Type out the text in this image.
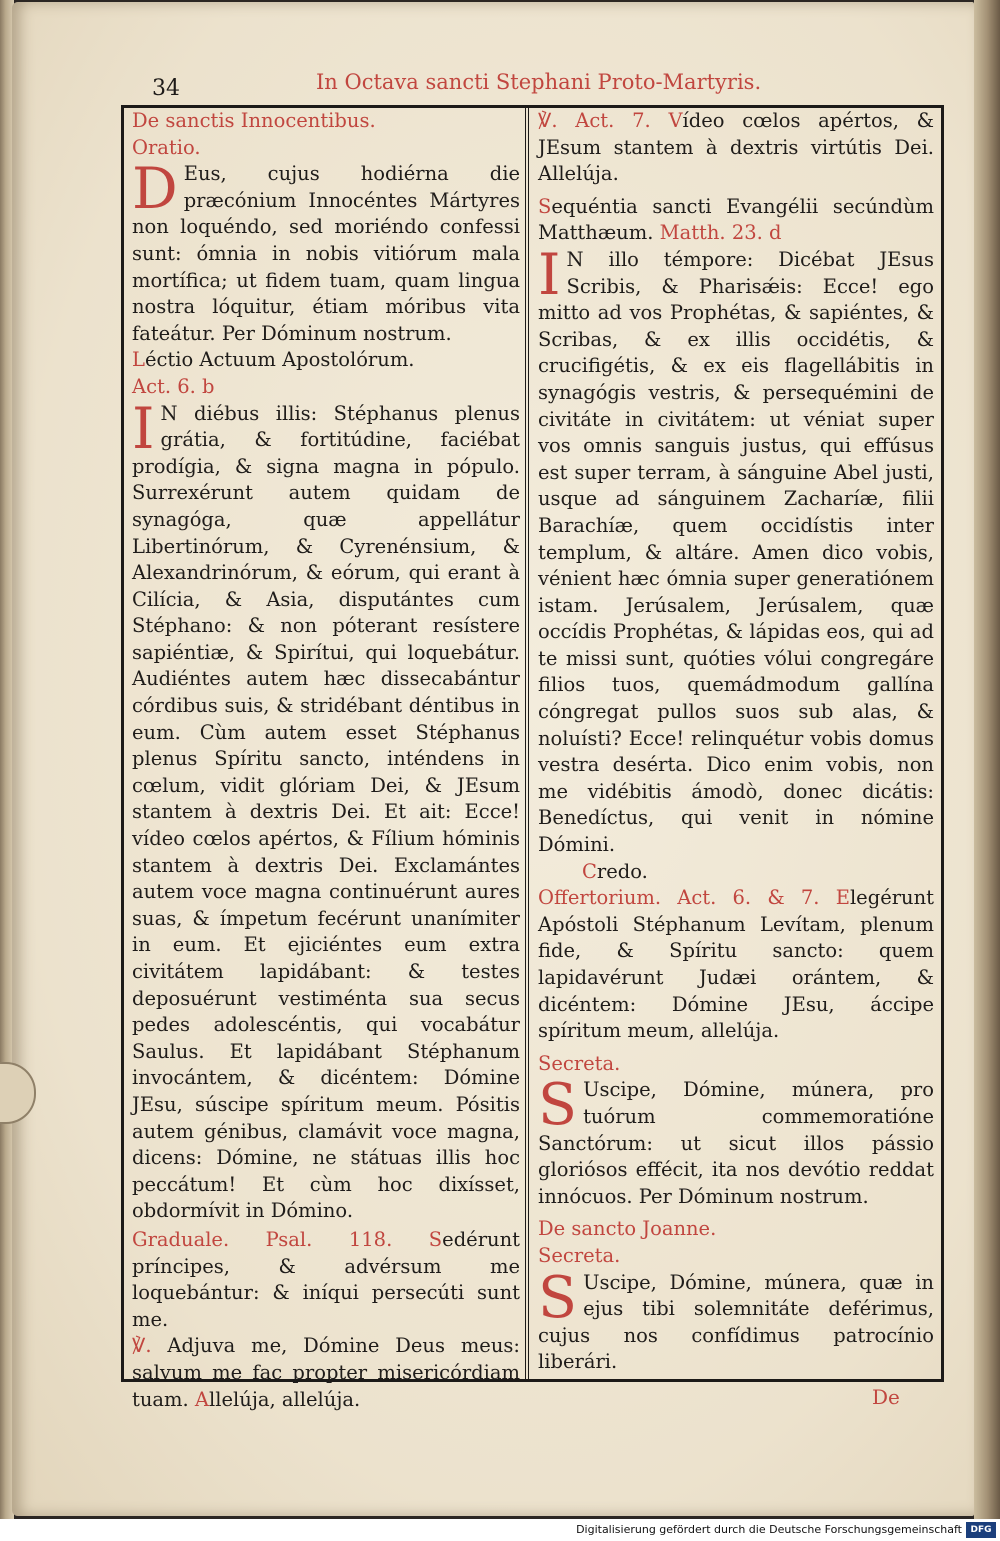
34	In Octava sancti Stephani Proto-Martyris.

De sanctis Innocentibus.

Oratio.

D Eus, cujus hodiérna die præcónium Innocéntes Mártyres non loquéndo, sed moriéndo confessi sunt: ómnia in nobis vitiórum mala mortífica; ut fidem tuam, quam lingua nostra lóquitur, étiam móribus vita fateátur. Per Dóminum nostrum.

Léctio Actuum Apostolórum.

Act. 6. b

I N diébus illis: Stéphanus plenus grátia, & fortitúdine, faciébat prodígia, & signa magna in pópulo. Surrexérunt autem quidam de synagóga, quæ appellátur Libertinórum, & Cyrenénsium, & Alexandrinórum, & eórum, qui erant à Cilícia, & Asia, disputántes cum Stéphano: & non póterant resístere sapiéntiæ, & Spirítui, qui loquebátur. Audiéntes autem hæc dissecabántur córdibus suis, & stridébant déntibus in eum. Cùm autem esset Stéphanus plenus Spíritu sancto, inténdens in cœlum, vidit glóriam Dei, & JEsum stantem à dextris Dei. Et ait: Ecce! vídeo cœlos apértos, & Fílium hóminis stantem à dextris Dei. Exclamántes autem voce magna continuérunt aures suas, & ímpetum fecérunt unanímiter in eum. Et ejiciéntes eum extra civitátem lapidábant: & testes deposuérunt vestiménta sua secus pedes adolescéntis, qui vocabátur Saulus. Et lapidábant Stéphanum invocántem, & dicéntem: Dómine JEsu, súscipe spíritum meum. Pósitis autem génibus, clamávit voce magna, dicens: Dómine, ne státuas illis hoc peccátum! Et cùm hoc dixísset, obdormívit in Dómino.

Graduale. Psal. 118. Sedérunt príncipes, & advérsum me loquebántur: & iníqui persecúti sunt me.

℣. Adjuva me, Dómine Deus meus: salvum me fac propter misericórdiam tuam. Allelúja, allelúja.

℣. Act. 7. Vídeo cœlos apértos, & JEsum stantem à dextris virtútis Dei. Allelúja.

Sequéntia sancti Evangélii secúndùm Matthæum. Matth. 23. d

I N illo témpore: Dicébat JEsus Scribis, & Pharisǽis: Ecce! ego mitto ad vos Prophétas, & sapiéntes, & Scribas, & ex illis occidétis, & crucifigétis, & ex eis flagellábitis in synagógis vestris, & persequémini de civitáte in civitátem: ut véniat super vos omnis sanguis justus, qui effúsus est super terram, à sánguine Abel justi, usque ad sánguinem Zacharíæ, filii Barachíæ, quem occidístis inter templum, & altáre. Amen dico vobis, vénient hæc ómnia super generatiónem istam. Jerúsalem, Jerúsalem, quæ occídis Prophétas, & lápidas eos, qui ad te missi sunt, quóties vólui congregáre filios tuos, quemádmodum gallína cóngregat pullos suos sub alas, & noluísti? Ecce! relinquétur vobis domus vestra desérta. Dico enim vobis, non me vidébitis ámodò, donec dicátis: Benedíctus, qui venit in nómine Dómini.

Credo.

Offertorium. Act. 6. & 7. Elegérunt Apóstoli Stéphanum Levítam, plenum fide, & Spíritu sancto: quem lapidavérunt Judæi orántem, & dicéntem: Dómine JEsu, áccipe spíritum meum, allelúja.

Secreta.

S Uscipe, Dómine, múnera, pro tuórum commemoratióne Sanctórum: ut sicut illos pássio gloriósos effécit, ita nos devótio reddat innócuos. Per Dóminum nostrum.

De sancto Joanne.

Secreta.

S Uscipe, Dómine, múnera, quæ in ejus tibi solemnitáte deférimus, cujus nos confídimus patrocínio liberári.

De
Digitalisierung gefördert durch die Deutsche Forschungsgemeinschaft DFG
